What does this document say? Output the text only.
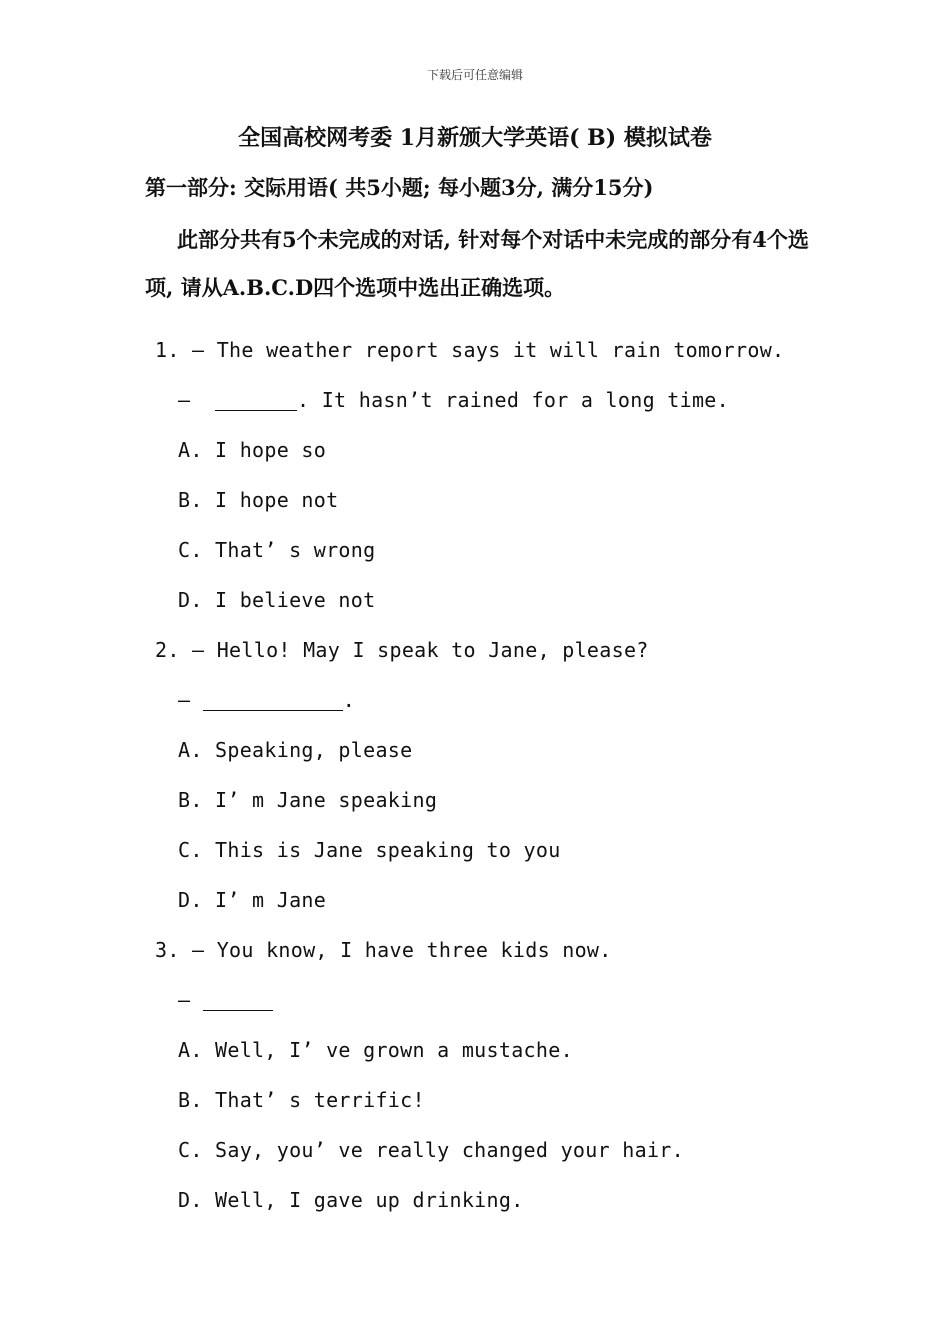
下载后可任意编辑
全国高校网考委 1月新颁大学英语( B) 模拟试卷
第一部分: 交际用语( 共5小题; 每小题3分, 满分15分)
此部分共有5个未完成的对话, 针对每个对话中未完成的部分有4个选项, 请从A.B.C.D四个选项中选出正确选项。
1. — The weather report says it will rain tomorrow.
—	. It hasn’t rained for a long time.
A. I hope so
B. I hope not
C. That’ s wrong
D. I believe not
2. — Hello! May I speak to Jane, please?
—	.
A. Speaking, please
B. I’ m Jane speaking
C. This is Jane speaking to you
D. I’ m Jane
3. — You know, I have three kids now.
—
A. Well, I’ ve grown a mustache.
B. That’ s terrific!
C. Say, you’ ve really changed your hair.
D. Well, I gave up drinking.
